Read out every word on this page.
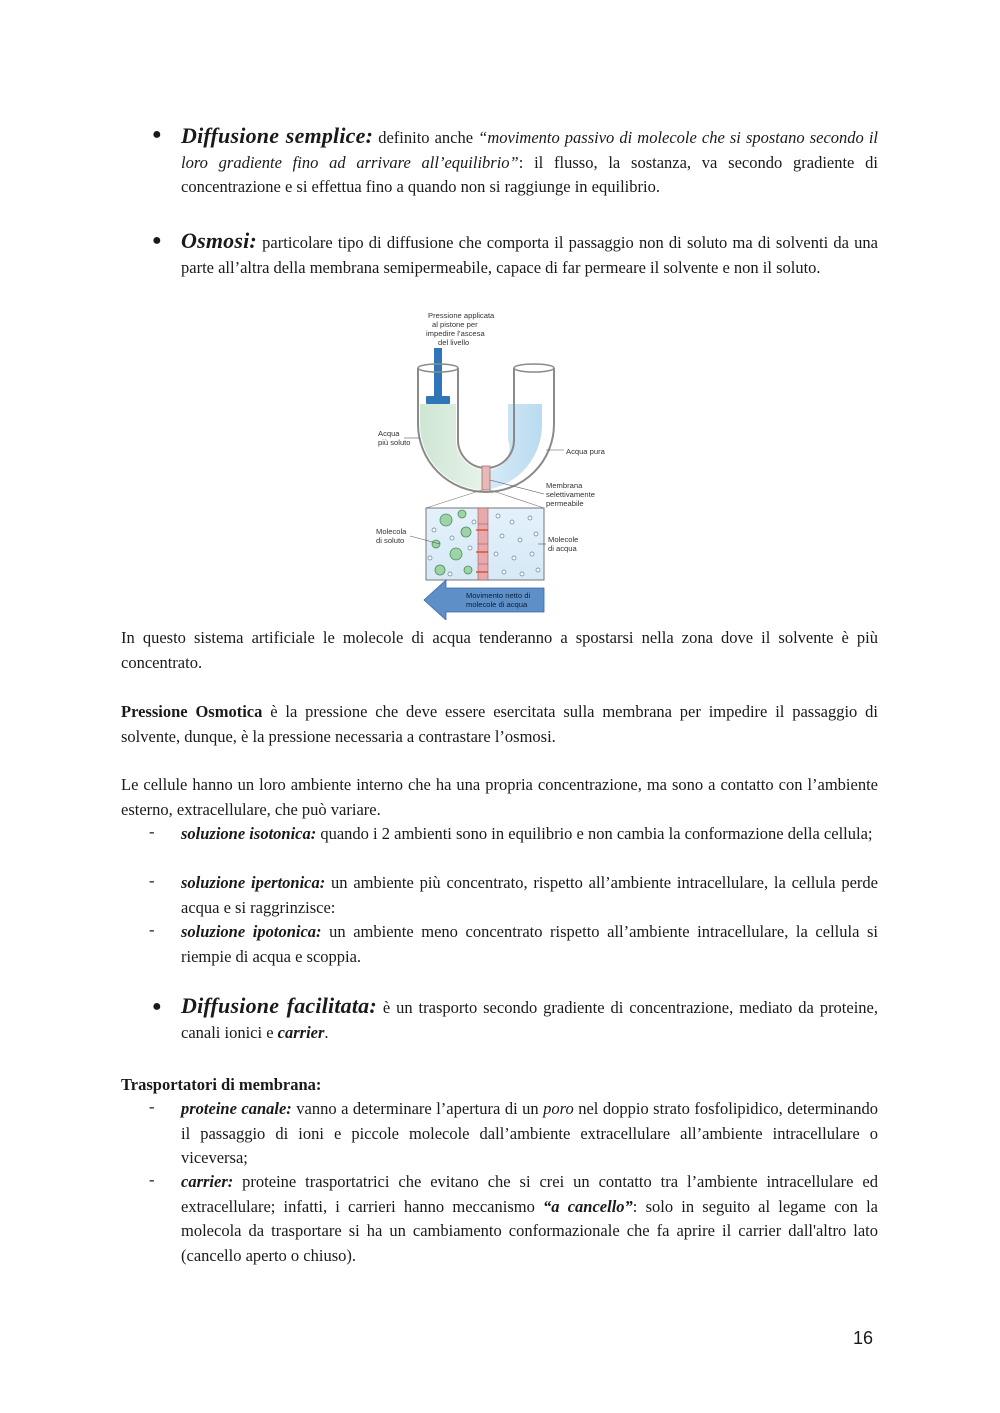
● Diffusione semplice: definito anche “movimento passivo di molecole che si spostano secondo il loro gradiente fino ad arrivare all’equilibrio”: il flusso, la sostanza, va secondo gradiente di concentrazione e si effettua fino a quando non si raggiunge in equilibrio.
● Osmosi: particolare tipo di diffusione che comporta il passaggio non di soluto ma di solventi da una parte all’altra della membrana semipermeabile, capace di far permeare il solvente e non il soluto.
Pressione applicata
al pistone per
impedire l’ascesa
del livello
Acqua
più soluto
Acqua pura
Membrana
selettivamente
permeabile
Molecola
di soluto	Molecole
di acqua
Movimento netto di
molecole di acqua
In questo sistema artificiale le molecole di acqua tenderanno a spostarsi nella zona dove il solvente è più concentrato.
Pressione Osmotica è la pressione che deve essere esercitata sulla membrana per impedire il passaggio di solvente, dunque, è la pressione necessaria a contrastare l’osmosi.
Le cellule hanno un loro ambiente interno che ha una propria concentrazione, ma sono a contatto con l’ambiente esterno, extracellulare, che può variare.
- soluzione isotonica: quando i 2 ambienti sono in equilibrio e non cambia la conformazione della cellula;
- soluzione ipertonica: un ambiente più concentrato, rispetto all’ambiente intracellulare, la cellula perde acqua e si raggrinzisce:
- soluzione ipotonica: un ambiente meno concentrato rispetto all’ambiente intracellulare, la cellula si riempie di acqua e scoppia.
● Diffusione facilitata: è un trasporto secondo gradiente di concentrazione, mediato da proteine, canali ionici e carrier.
Trasportatori di membrana:
- proteine canale: vanno a determinare l’apertura di un poro nel doppio strato fosfolipidico, determinando il passaggio di ioni e piccole molecole dall’ambiente extracellulare all’ambiente intracellulare o viceversa;
- carrier: proteine trasportatrici che evitano che si crei un contatto tra l’ambiente intracellulare ed extracellulare; infatti, i carrieri hanno meccanismo “a cancello”: solo in seguito al legame con la molecola da trasportare si ha un cambiamento conformazionale che fa aprire il carrier dall'altro lato (cancello aperto o chiuso).
16
